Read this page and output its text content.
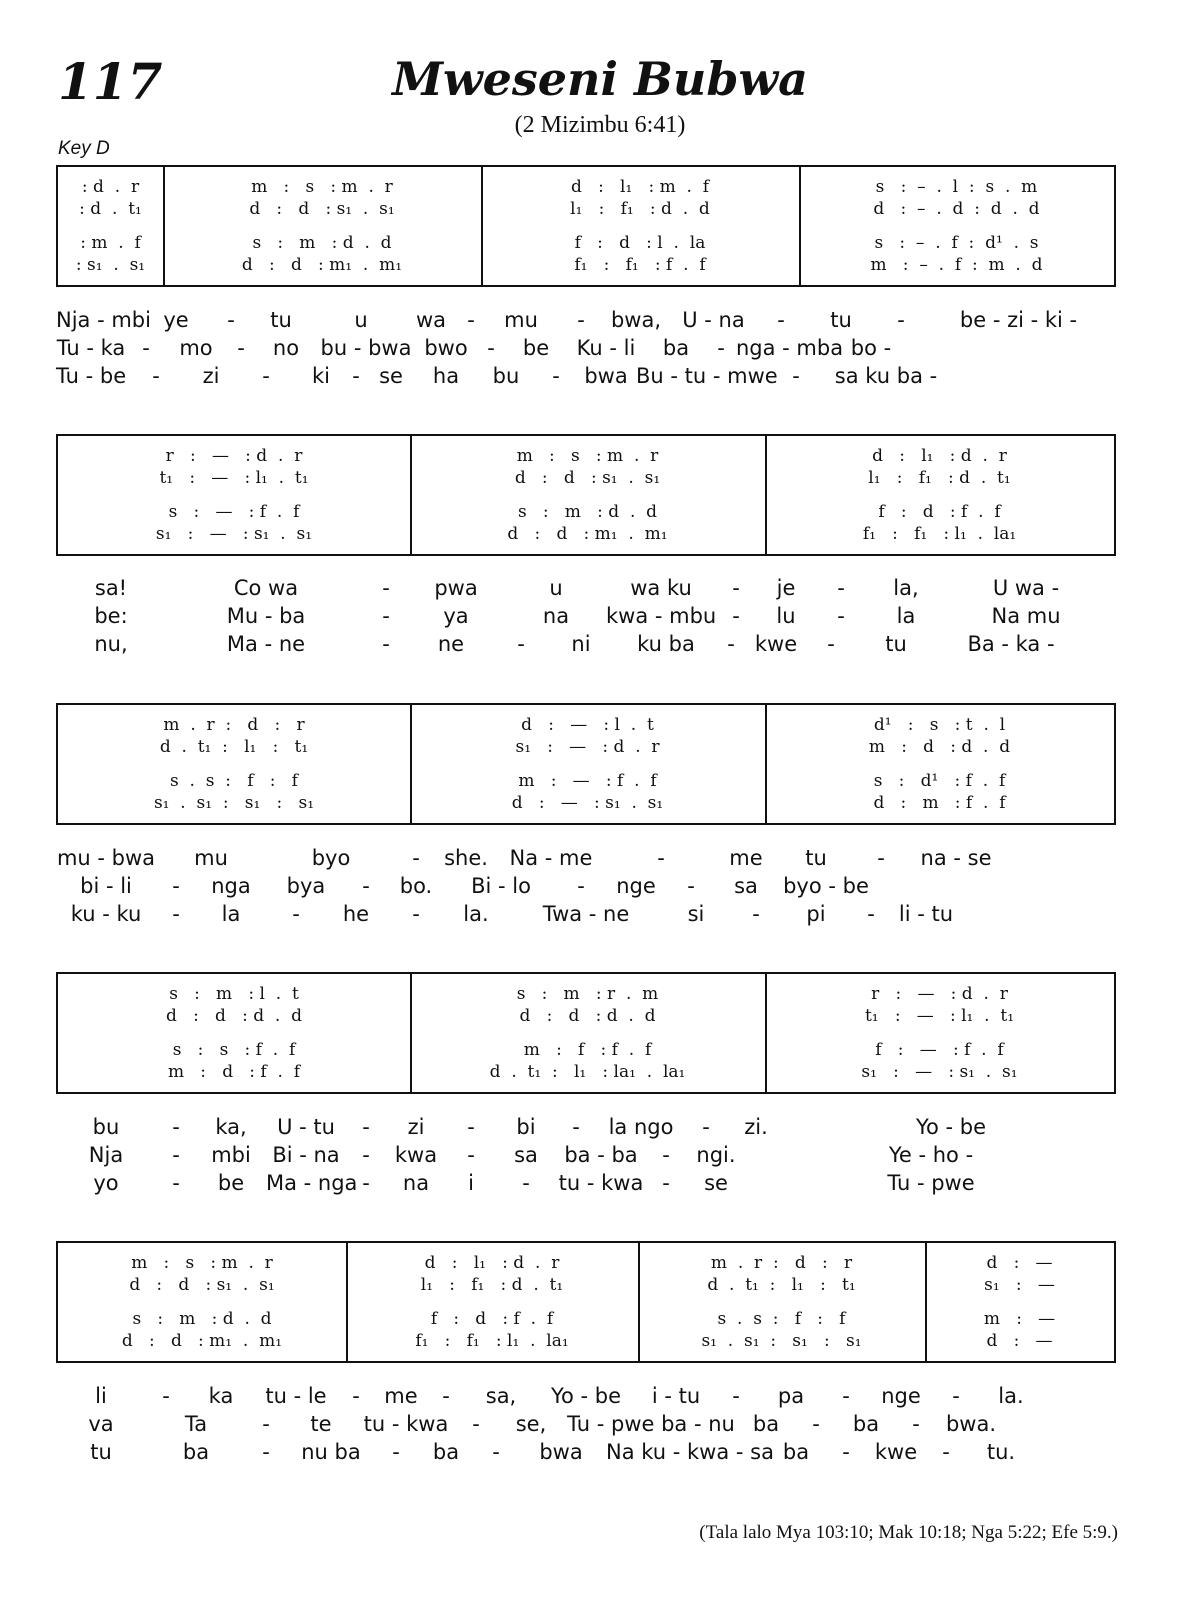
117	Mweseni Bubwa
(2 Mizimbu 6:41)
Key D
: d  .  r	m   :   s   : m  .  r	d   :   l₁   : m  .  f	s   :  –  .  l  :  s  .  m
: d  .  t₁	d   :   d   : s₁  .  s₁	l₁   :   f₁   : d  .  d	d   :  –  .  d  :  d  .  d
: m  .  f	s   :   m   : d  .  d	f   :   d   : l  .  la	s   :  –  .  f  :  d¹  .  s
: s₁  .  s₁	d   :   d   : m₁  .  m₁	f₁   :   f₁   : f  .  f	m   :  –  .  f  :  m  .  d
Nja - mbi ye	-	tu	u	wa	-	mu	-	bwa,	U - na	-	tu	-	be - zi - ki -
Tu - ka -	mo	-	no	bu - bwa bwo -	be	Ku - li	ba	- nga - mba bo -
Tu - be	-	zi	-	ki	- se	ha	bu	-	bwa Bu - tu - mwe -	sa ku ba -
r   :   —   : d  .  r	m   :   s   : m  .  r	d   :   l₁   : d  .  r
t₁   :   —   : l₁  .  t₁	d   :   d   : s₁  .  s₁	l₁   :   f₁   : d  .  t₁
s   :   —   : f  .  f	s   :   m   : d  .  d	f   :   d   : f  .  f
s₁   :   —   : s₁  .  s₁	d   :   d   : m₁  .  m₁	f₁   :   f₁   : l₁  .  la₁
sa!	Co wa	-	pwa	u	wa ku	-	je	-	la,	U wa -
be:	Mu - ba	-	ya	na	kwa - mbu -	lu	-	la	Na mu
nu,	Ma - ne	-	ne	-	ni	ku ba	- kwe	-	tu	Ba - ka -
m  .  r  :   d   :   r	d   :   —   : l  .  t	d¹   :   s   : t  .  l
d  .  t₁  :   l₁   :   t₁	s₁   :   —   : d  .  r	m   :   d   : d  .  d
s  .  s  :   f   :   f	m   :   —   : f  .  f	s   :   d¹   : f  .  f
s₁  .  s₁  :   s₁   :   s₁	d   :   —   : s₁  .  s₁	d   :   m   : f  .  f
mu - bwa	mu	byo	-	she.	Na - me	-	me	tu	-	na - se
bi - li	-	nga	bya	-	bo.	Bi - lo	-	nge	-	sa	byo - be
ku - ku	-	la	-	he	-	la.	Twa - ne	si	-	pi	-	li - tu
s   :   m   : l  .  t	s   :   m   : r  .  m	r   :   —   : d  .  r
d   :   d   : d  .  d	d   :   d   : d  .  d	t₁   :   —   : l₁  .  t₁
s   :   s   : f  .  f	m   :   f   : f  .  f	f   :   —   : f  .  f
m   :   d   : f  .  f	d  .  t₁  :   l₁   : la₁  .  la₁	s₁   :   —   : s₁  .  s₁
bu	-	ka,	U - tu	-	zi	-	bi	-	la ngo	-	zi.	Yo - be
Nja	-	mbi	Bi - na	-	kwa	-	sa	ba - ba	-	ngi.	Ye - ho -
yo	-	be	Ma - nga -	na	i	-	tu - kwa -	se	Tu - pwe
m   :   s   : m  .  r	d   :   l₁   : d  .  r	m  .  r  :   d   :   r	d   :   —
d   :   d   : s₁  .  s₁	l₁   :   f₁   : d  .  t₁	d  .  t₁  :   l₁   :   t₁	s₁   :   —
s   :   m   : d  .  d	f   :   d   : f  .  f	s  .  s  :   f   :   f	m   :   —
d   :   d   : m₁  .  m₁	f₁   :   f₁   : l₁  .  la₁	s₁  .  s₁  :   s₁   :   s₁	d   :   —
li	-	ka	tu - le	-	me	-	sa,	Yo - be	i - tu	-	pa	-	nge	-	la.
va	Ta	-	te	tu - kwa	-	se, Tu - pwe ba - nu ba	-	ba	-	bwa.
tu	ba	-	nu ba	-	ba	-	bwa	Na ku - kwa - sa ba	-	kwe	-	tu.
(Tala lalo Mya 103:10; Mak 10:18; Nga 5:22; Efe 5:9.)
